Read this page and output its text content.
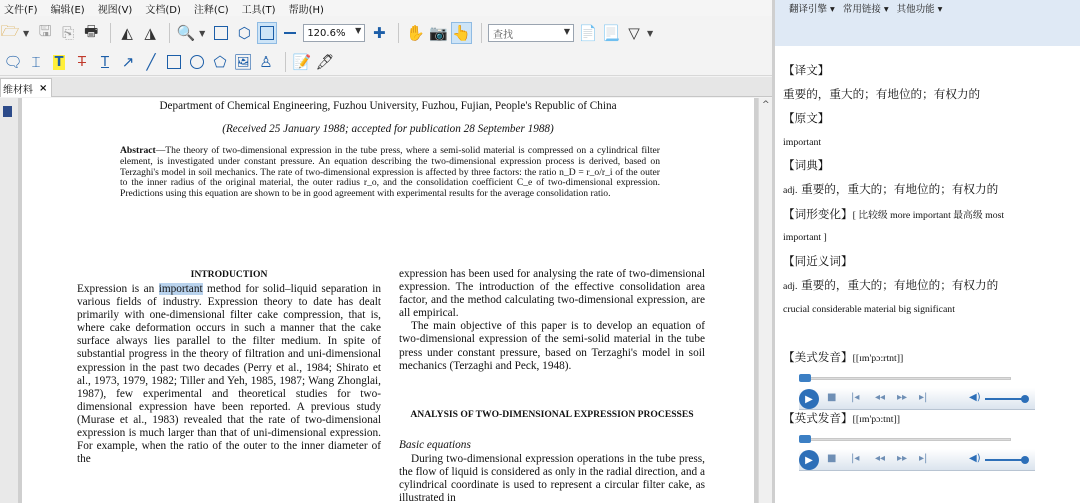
文件(F)	编辑(E)	视图(V)	文档(D)	注释(C)	工具(T)	帮助(H)
🗁 ▼ 🖫 ⎘ 🖶 ◭ ◮ 🔍 ▼ ⬡	120.6% ▼ ✚ ✋ 📷 👆 查找	▼ 📄 📃 ▽ ▼
🗨 ⌶	T T T ↗ ╱	⬠ 🖼 ♙ 📝 🖋
维材料 ×
Department of Chemical Engineering, Fuzhou University, Fuzhou, Fujian, People's Republic of China
(Received 25 January 1988; accepted for publication 28 September 1988)
Abstract—The theory of two-dimensional expression in the tube press, where a semi-solid material is compressed on a cylindrical filter element, is investigated under constant pressure. An equation describing the two-dimensional expression process is derived, based on Terzaghi's model in soil mechanics. The rate of two-dimensional expression is affected by three factors: the ratio n_D = r_o/r_i of the outer to the inner radius of the original material, the outer radius r_o, and the consolidation coefficient C_e of two-dimensional expression. Predictions using this equation are shown to be in good agreement with experimental results for the average consolidation ratio.
INTRODUCTION
Expression is an important method for solid–liquid separation in various fields of industry. Expression theory to date has dealt primarily with one-dimensional filter cake compression, that is, where cake deformation occurs in such a manner that the cake surface always lies parallel to the filter medium. In spite of substantial progress in the theory of filtration and uni-dimensional expression in the past two decades (Perry et al., 1984; Shirato et al., 1973, 1979, 1982; Tiller and Yeh, 1985, 1987; Wang Zhonglai, 1987), few experimental and theoretical studies for two-dimensional expression have been reported. A previous study (Murase et al., 1983) revealed that the rate of two-dimensional expression is much larger than that of uni-dimensional expression. For example, when the ratio of the outer to the inner diameter of the
expression has been used for analysing the rate of two-dimensional expression. The introduction of the effective consolidation area factor, and the method calculating two-dimensional expression, are all empirical.
The main objective of this paper is to develop an equation of two-dimensional expression of the semi-solid material in the tube press under constant pressure, based on Terzaghi's model in soil mechanics (Terzaghi and Peck, 1948).
ANALYSIS OF TWO-DIMENSIONAL EXPRESSION PROCESSES
Basic equations
During two-dimensional expression operations in the tube press, the flow of liquid is considered as only in the radial direction, and a cylindrical coordinate is used to represent a circular filter cake, as illustrated in
^
翻译引擎 ▾ 常用链接 ▾ 其他功能 ▾
【译文】
重要的，重大的；有地位的；有权力的
【原文】
important
【词典】
adj. 重要的，重大的；有地位的；有权力的
【词形变化】[ 比较级 more important 最高级 most
important ]
【同近义词】
adj. 重要的，重大的；有地位的；有权力的
crucial considerable material big significant
【美式发音】[[ɪm'pɔ:rtnt]]
【英式发音】[[ɪm'pɔ:tnt]]
▶	■ |◂ ◂◂ ▸▸ ▸|	◀)
▶	■ |◂ ◂◂ ▸▸ ▸|	◀)
